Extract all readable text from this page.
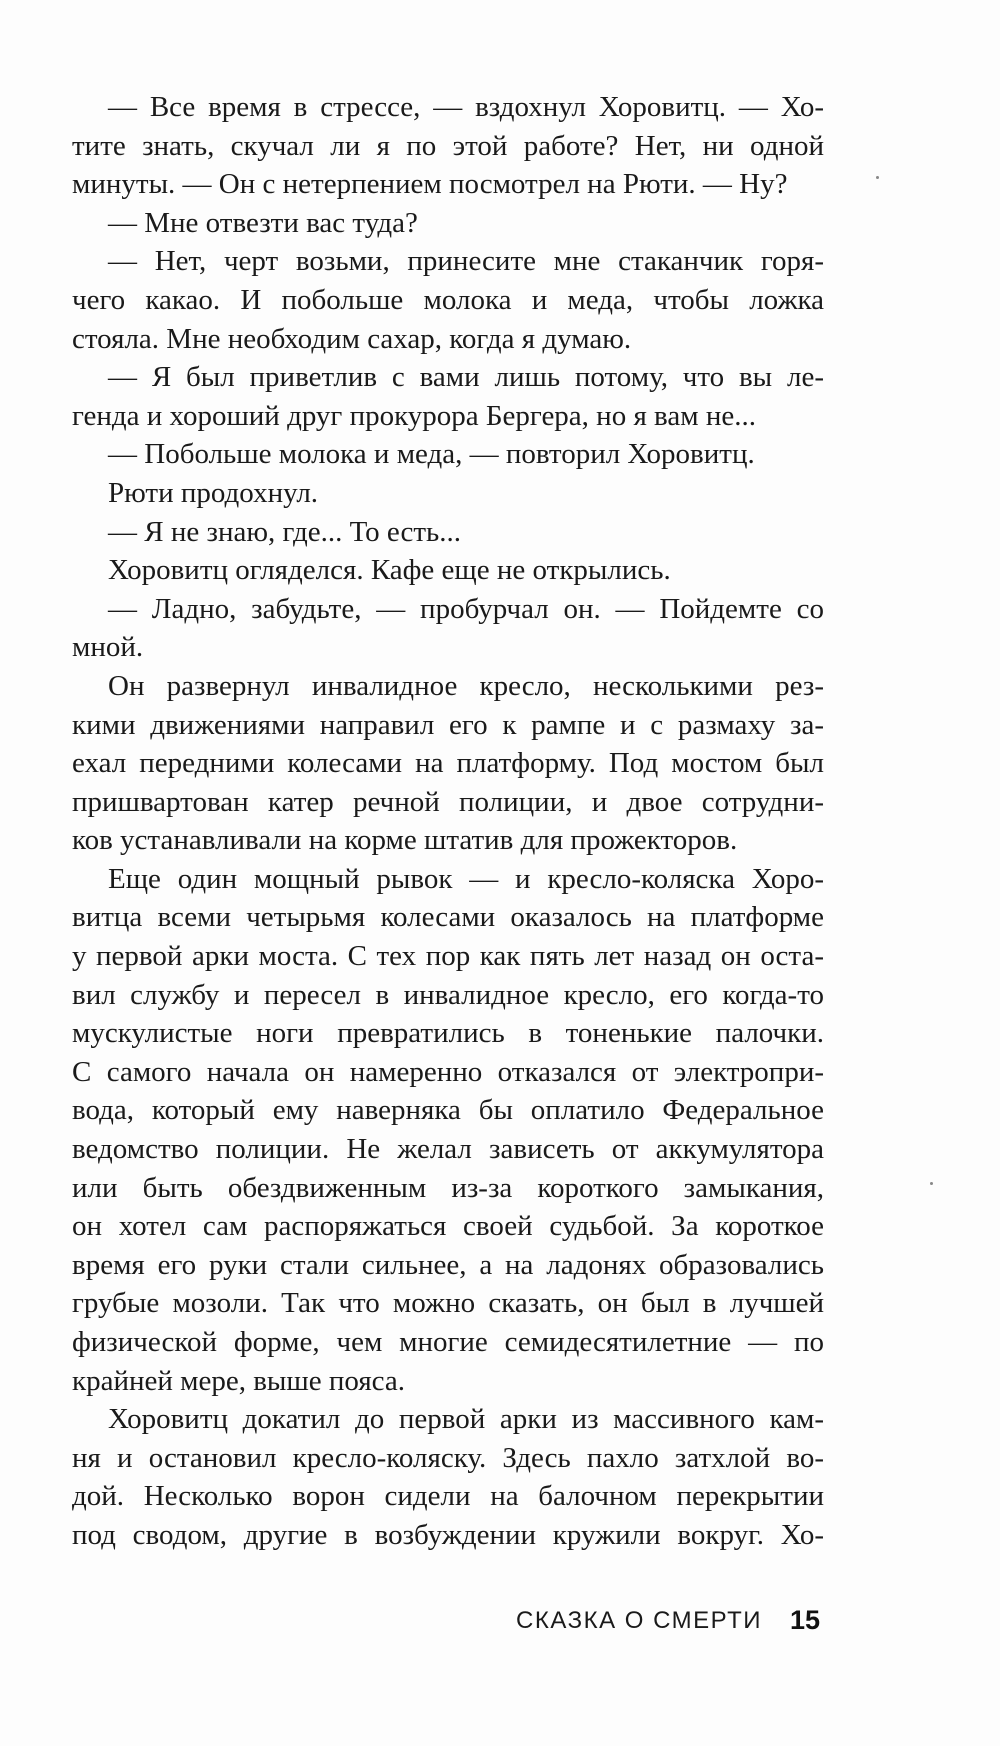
— Все время в стрессе, — вздохнул Хоровитц. — Хо-
тите знать, скучал ли я по этой работе? Нет, ни одной
минуты. — Он с нетерпением посмотрел на Рюти. — Ну?
— Мне отвезти вас туда?
— Нет, черт возьми, принесите мне стаканчик горя-
чего какао. И побольше молока и меда, чтобы ложка
стояла. Мне необходим сахар, когда я думаю.
— Я был приветлив с вами лишь потому, что вы ле-
генда и хороший друг прокурора Бергера, но я вам не...
— Побольше молока и меда, — повторил Хоровитц.
Рюти продохнул.
— Я не знаю, где... То есть...
Хоровитц огляделся. Кафе еще не открылись.
— Ладно, забудьте, — пробурчал он. — Пойдемте со
мной.
Он развернул инвалидное кресло, несколькими рез-
кими движениями направил его к рампе и с размаху за-
ехал передними колесами на платформу. Под мостом был
пришвартован катер речной полиции, и двое сотрудни-
ков устанавливали на корме штатив для прожекторов.
Еще один мощный рывок — и кресло-коляска Хоро-
витца всеми четырьмя колесами оказалось на платформе
у первой арки моста. С тех пор как пять лет назад он оста-
вил службу и пересел в инвалидное кресло, его когда-то
мускулистые ноги превратились в тоненькие палочки.
С самого начала он намеренно отказался от электропри-
вода, который ему наверняка бы оплатило Федеральное
ведомство полиции. Не желал зависеть от аккумулятора
или быть обездвиженным из-за короткого замыкания,
он хотел сам распоряжаться своей судьбой. За короткое
время его руки стали сильнее, а на ладонях образовались
грубые мозоли. Так что можно сказать, он был в лучшей
физической форме, чем многие семидесятилетние — по
крайней мере, выше пояса.
Хоровитц докатил до первой арки из массивного кам-
ня и остановил кресло-коляску. Здесь пахло затхлой во-
дой. Несколько ворон сидели на балочном перекрытии
под сводом, другие в возбуждении кружили вокруг. Хо-
СКАЗКА О СМЕРТИ 15
